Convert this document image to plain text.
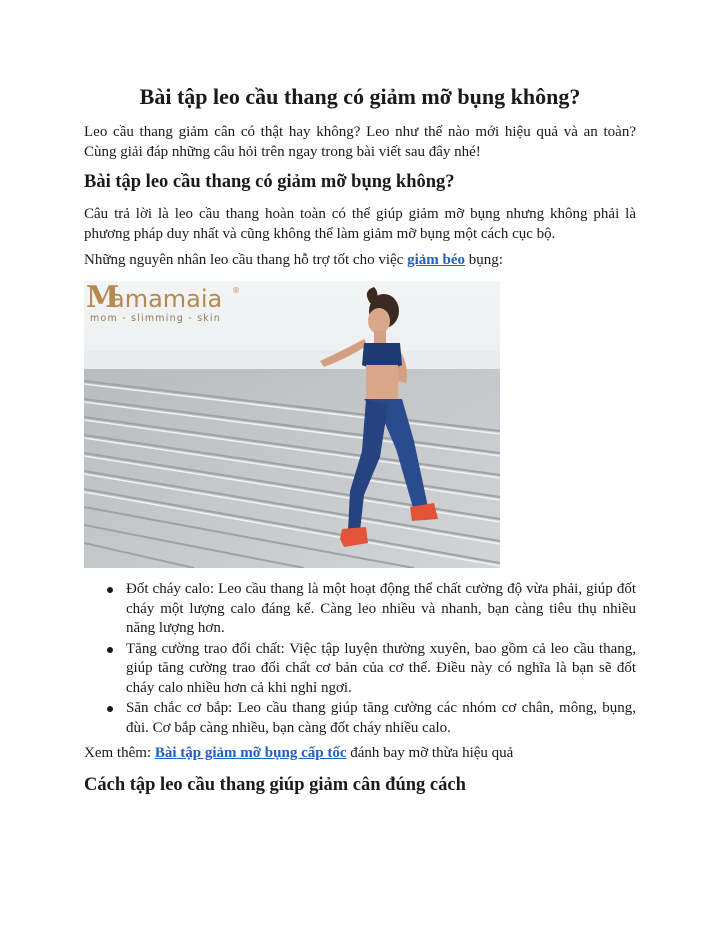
Bài tập leo cầu thang có giảm mỡ bụng không?

Leo cầu thang giảm cân có thật hay không? Leo như thế nào mới hiệu quả và an toàn? Cùng giải đáp những câu hỏi trên ngay trong bài viết sau đây nhé!

Bài tập leo cầu thang có giảm mỡ bụng không?

Câu trả lời là leo cầu thang hoàn toàn có thể giúp giảm mỡ bụng nhưng không phải là phương pháp duy nhất và cũng không thể làm giảm mỡ bụng một cách cục bộ.

Những nguyên nhân leo cầu thang hỗ trợ tốt cho việc giảm béo bụng:

M
amamaia ®
mom - slimming - skin
Đốt cháy calo: Leo cầu thang là một hoạt động thể chất cường độ vừa phải, giúp đốt cháy một lượng calo đáng kể. Càng leo nhiều và nhanh, bạn càng tiêu thụ nhiều năng lượng hơn.
Tăng cường trao đổi chất: Việc tập luyện thường xuyên, bao gồm cả leo cầu thang, giúp tăng cường trao đổi chất cơ bản của cơ thể. Điều này có nghĩa là bạn sẽ đốt cháy calo nhiều hơn cả khi nghỉ ngơi.
Săn chắc cơ bắp: Leo cầu thang giúp tăng cường các nhóm cơ chân, mông, bụng, đùi. Cơ bắp càng nhiều, bạn càng đốt cháy nhiều calo.

Xem thêm: Bài tập giảm mỡ bụng cấp tốc đánh bay mỡ thừa hiệu quả

Cách tập leo cầu thang giúp giảm cân đúng cách
